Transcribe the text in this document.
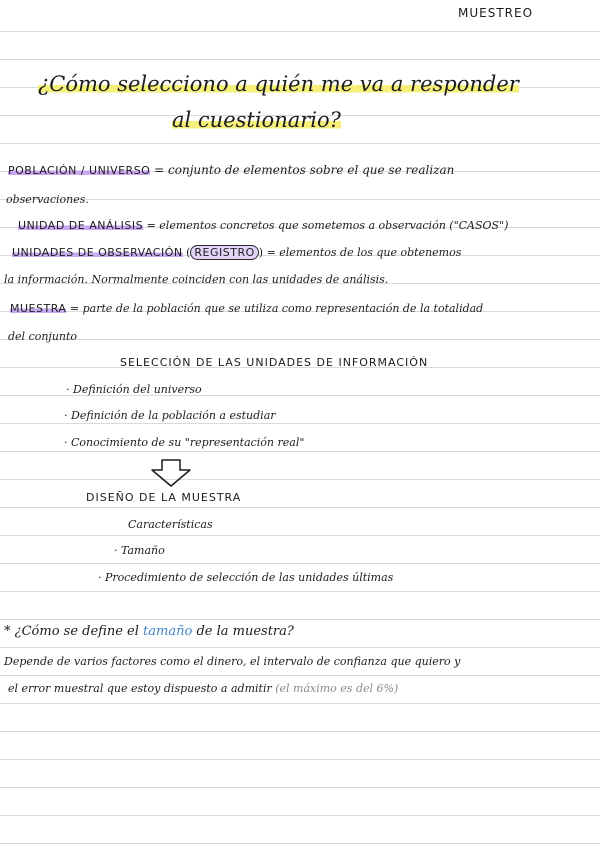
MUESTREO
¿Cómo selecciono a quién me va a responder
al cuestionario?
POBLACIÓN / UNIVERSO = conjunto de elementos sobre el que se realizan
observaciones.
UNIDAD DE ANÁLISIS = elementos concretos que sometemos a observación ("CASOS")
UNIDADES DE OBSERVACIÓN ( REGISTRO ) = elementos de los que obtenemos
la información. Normalmente coinciden con las unidades de análisis.
MUESTRA = parte de la población que se utiliza como representación de la totalidad
del conjunto
SELECCIÓN DE LAS UNIDADES DE INFORMACIÓN
· Definición del universo
· Definición de la población a estudiar
· Conocimiento de su "representación real"
DISEÑO DE LA MUESTRA
Características
· Tamaño
· Procedimiento de selección de las unidades últimas
* ¿Cómo se define el tamaño de la muestra?
Depende de varios factores como el dinero, el intervalo de confianza que quiero y
el error muestral que estoy dispuesto a admitir (el máximo es del 6%)
